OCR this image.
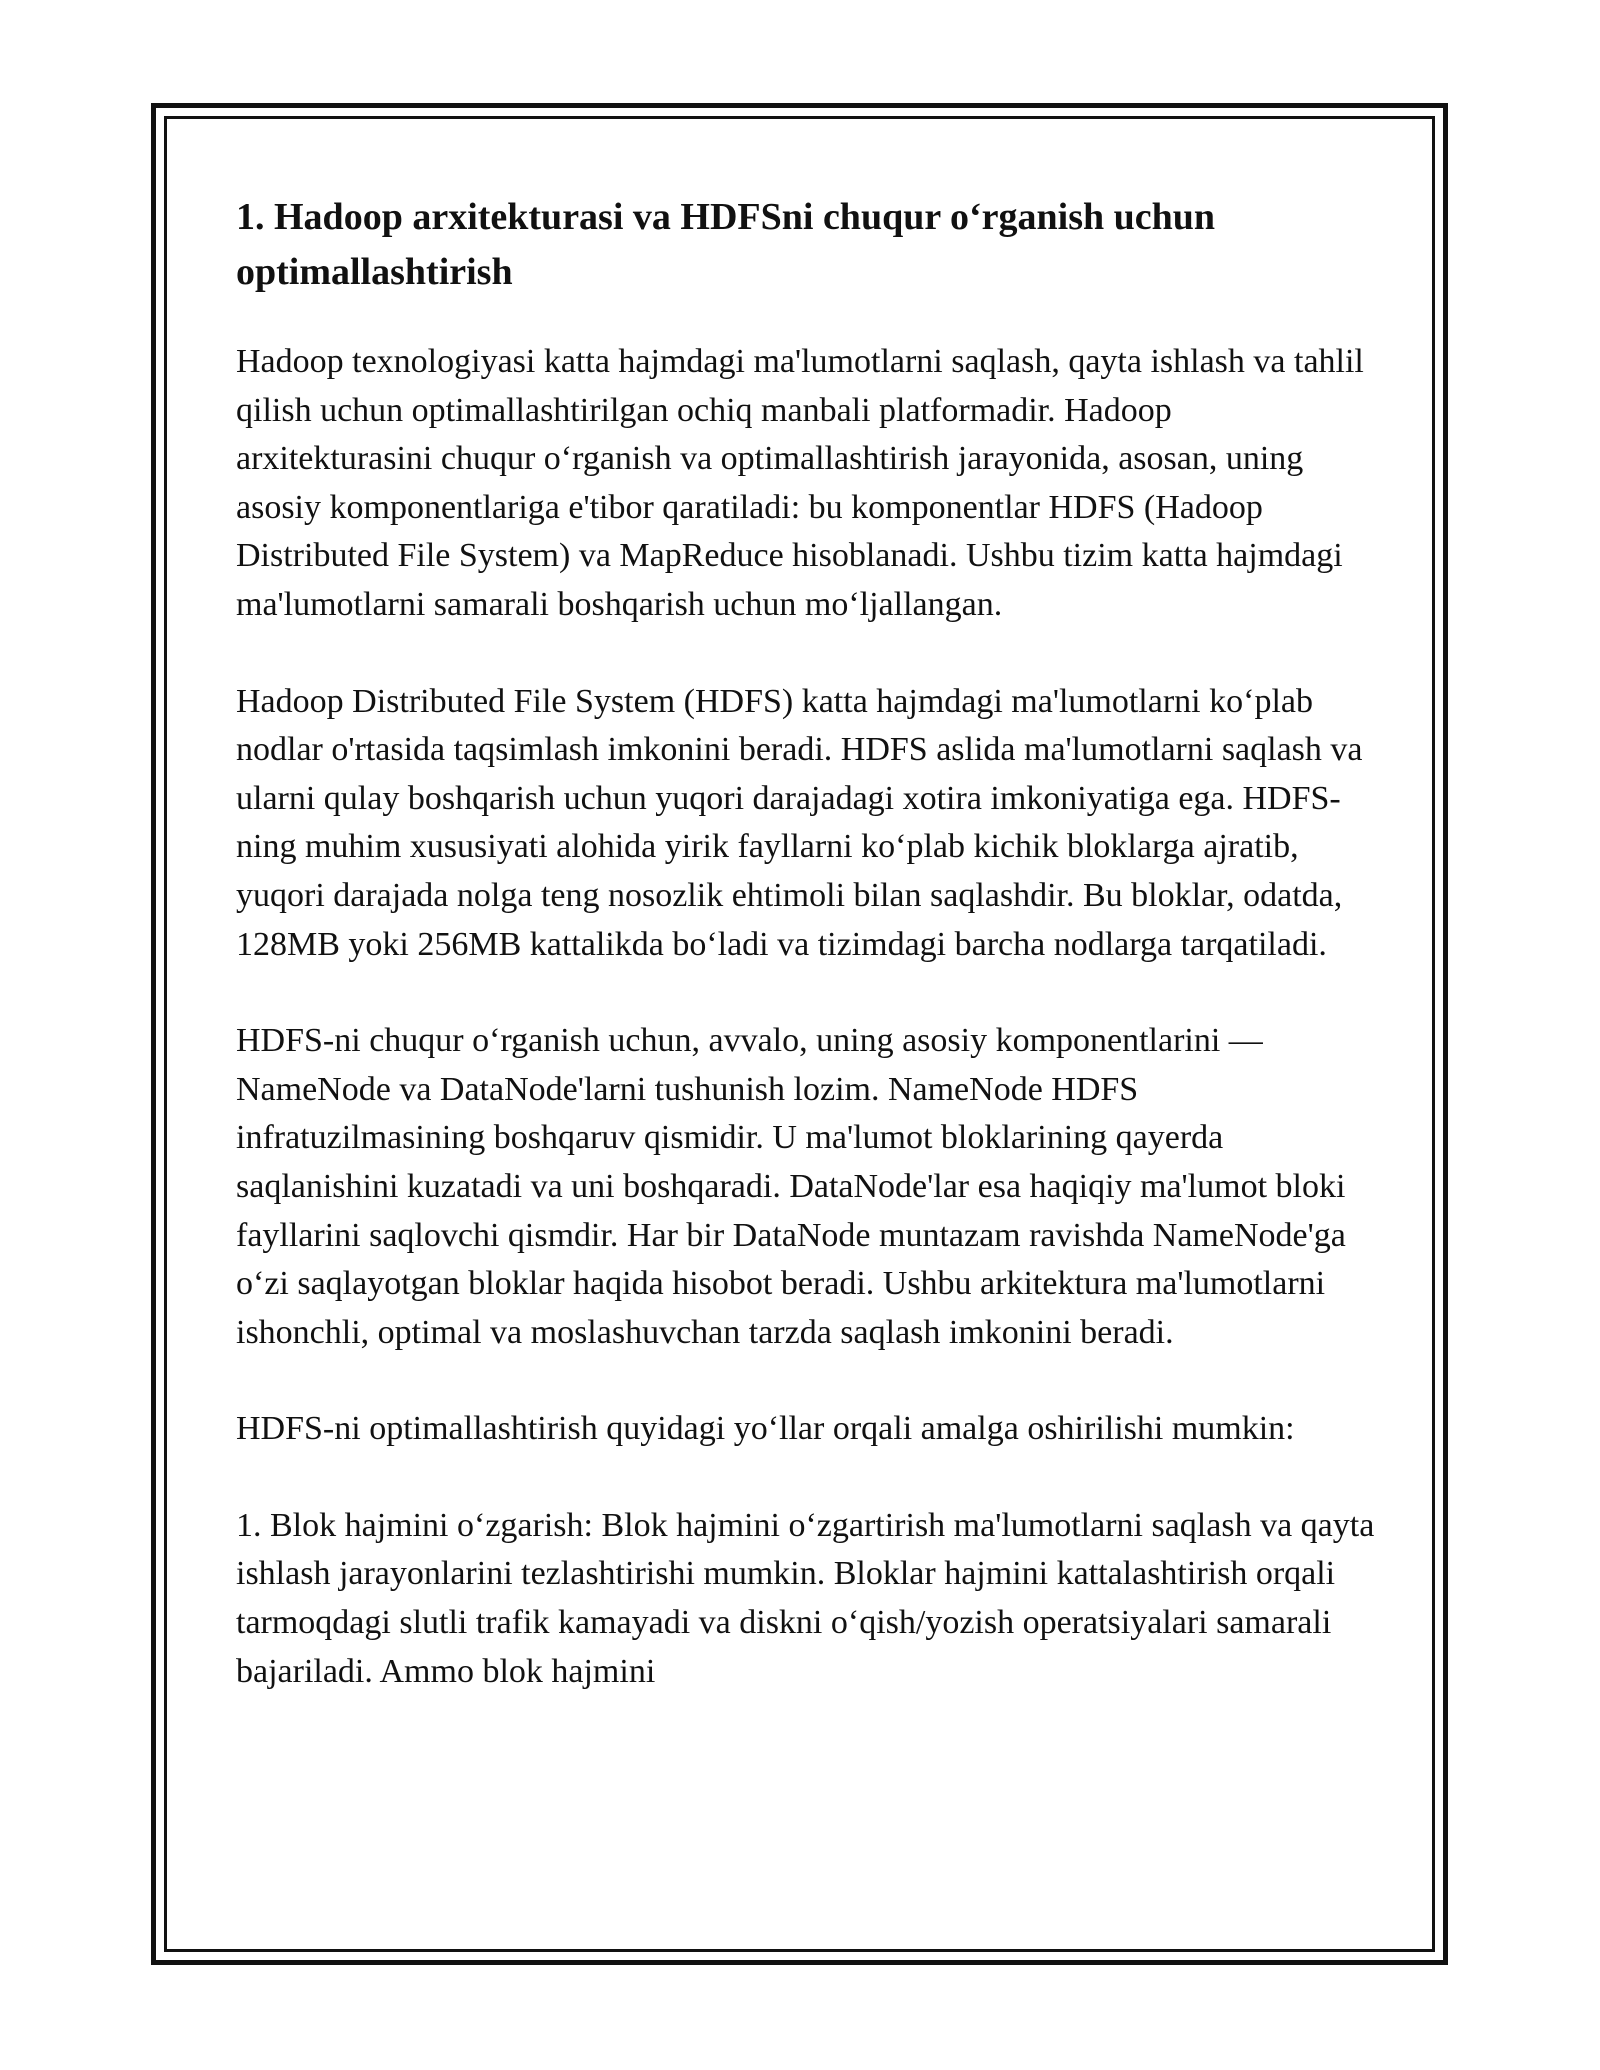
1. Hadoop arxitekturasi va HDFSni chuqur o‘rganish uchun optimallashtirish

Hadoop texnologiyasi katta hajmdagi ma'lumotlarni saqlash, qayta ishlash va tahlil qilish uchun optimallashtirilgan ochiq manbali platformadir. Hadoop arxitekturasini chuqur o‘rganish va optimallashtirish jarayonida, asosan, uning asosiy komponentlariga e'tibor qaratiladi: bu komponentlar HDFS (Hadoop Distributed File System) va MapReduce hisoblanadi. Ushbu tizim katta hajmdagi ma'lumotlarni samarali boshqarish uchun mo‘ljallangan.

Hadoop Distributed File System (HDFS) katta hajmdagi ma'lumotlarni ko‘plab nodlar o'rtasida taqsimlash imkonini beradi. HDFS aslida ma'lumotlarni saqlash va ularni qulay boshqarish uchun yuqori darajadagi xotira imkoniyatiga ega. HDFS-ning muhim xususiyati alohida yirik fayllarni ko‘plab kichik bloklarga ajratib, yuqori darajada nolga teng nosozlik ehtimoli bilan saqlashdir. Bu bloklar, odatda, 128MB yoki 256MB kattalikda bo‘ladi va tizimdagi barcha nodlarga tarqatiladi.

HDFS-ni chuqur o‘rganish uchun, avvalo, uning asosiy komponentlarini — NameNode va DataNode'larni tushunish lozim. NameNode HDFS infratuzilmasining boshqaruv qismidir. U ma'lumot bloklarining qayerda saqlanishini kuzatadi va uni boshqaradi. DataNode'lar esa haqiqiy ma'lumot bloki fayllarini saqlovchi qismdir. Har bir DataNode muntazam ravishda NameNode'ga o‘zi saqlayotgan bloklar haqida hisobot beradi. Ushbu arkitektura ma'lumotlarni ishonchli, optimal va moslashuvchan tarzda saqlash imkonini beradi.

HDFS-ni optimallashtirish quyidagi yo‘llar orqali amalga oshirilishi mumkin:

1. Blok hajmini o‘zgarish: Blok hajmini o‘zgartirish ma'lumotlarni saqlash va qayta ishlash jarayonlarini tezlashtirishi mumkin. Bloklar hajmini kattalashtirish orqali tarmoqdagi slutli trafik kamayadi va diskni o‘qish/yozish operatsiyalari samarali bajariladi. Ammo blok hajmini
